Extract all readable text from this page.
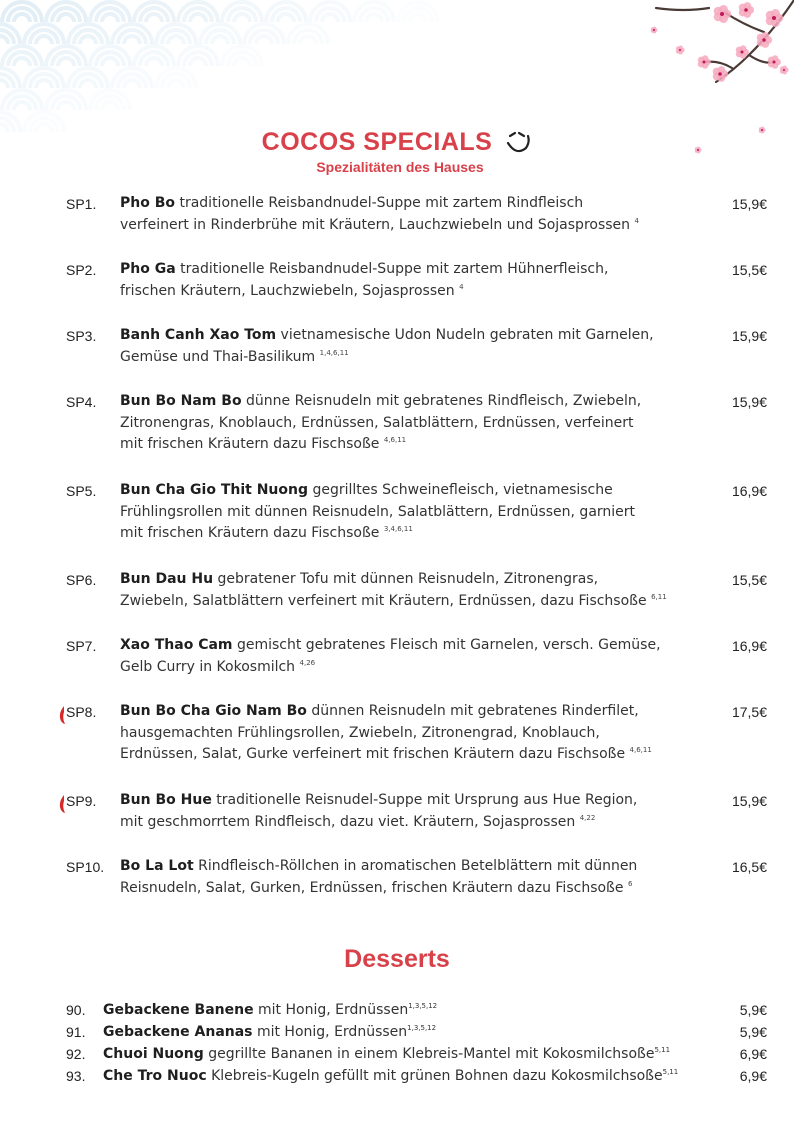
COCOS SPECIALS
Spezialitäten des Hauses
SP1. Pho Bo traditionelle Reisbandnudel-Suppe mit zartem Rindfleisch
verfeinert in Rinderbrühe mit Kräutern, Lauchzwiebeln und Sojasprossen $^4$
15,9€
SP2. Pho Ga traditionelle Reisbandnudel-Suppe mit zartem Hühnerfleisch,
frischen Kräutern, Lauchzwiebeln, Sojasprossen $^4$
15,5€
SP3. Banh Canh Xao Tom vietnamesische Udon Nudeln gebraten mit Garnelen,
Gemüse und Thai-Basilikum $^{1,4,6,11}$
15,9€
SP4. Bun Bo Nam Bo dünne Reisnudeln mit gebratenes Rindfleisch, Zwiebeln,
Zitronengras, Knoblauch, Erdnüssen, Salatblättern, Erdnüssen, verfeinert
mit frischen Kräutern dazu Fischsoße $^{4,6,11}$
15,9€
SP5. Bun Cha Gio Thit Nuong gegrilltes Schweinefleisch, vietnamesische
Frühlingsrollen mit dünnen Reisnudeln, Salatblättern, Erdnüssen, garniert
mit frischen Kräutern dazu Fischsoße $^{3,4,6,11}$
16,9€
SP6. Bun Dau Hu gebratener Tofu mit dünnen Reisnudeln, Zitronengras,
Zwiebeln, Salatblättern verfeinert mit Kräutern, Erdnüssen, dazu Fischsoße $^{6,11}$
15,5€
SP7. Xao Thao Cam gemischt gebratenes Fleisch mit Garnelen, versch. Gemüse,
Gelb Curry in Kokosmilch $^{4,26}$
16,9€
SP8. Bun Bo Cha Gio Nam Bo dünnen Reisnudeln mit gebratenes Rinderfilet,
hausgemachten Frühlingsrollen, Zwiebeln, Zitronengrad, Knoblauch,
Erdnüssen, Salat, Gurke verfeinert mit frischen Kräutern dazu Fischsoße $^{4,6,11}$
17,5€
SP9. Bun Bo Hue traditionelle Reisnudel-Suppe mit Ursprung aus Hue Region,
mit geschmorrtem Rindfleisch, dazu viet. Kräutern, Sojasprossen $^{4,22}$
15,9€
SP10. Bo La Lot Rindfleisch-Röllchen in aromatischen Betelblättern mit dünnen
Reisnudeln, Salat, Gurken, Erdnüssen, frischen Kräutern dazu Fischsoße $^6$
16,5€
Desserts
90. Gebackene Banene mit Honig, Erdnüssen$^{1,3,5,12}$	5,9€
91. Gebackene Ananas mit Honig, Erdnüssen$^{1,3,5,12}$	5,9€
92. Chuoi Nuong gegrillte Bananen in einem Klebreis-Mantel mit Kokosmilchsoße$^{5,11}$	6,9€
93. Che Tro Nuoc Klebreis-Kugeln gefüllt mit grünen Bohnen dazu Kokosmilchsoße$^{5,11}$	6,9€
